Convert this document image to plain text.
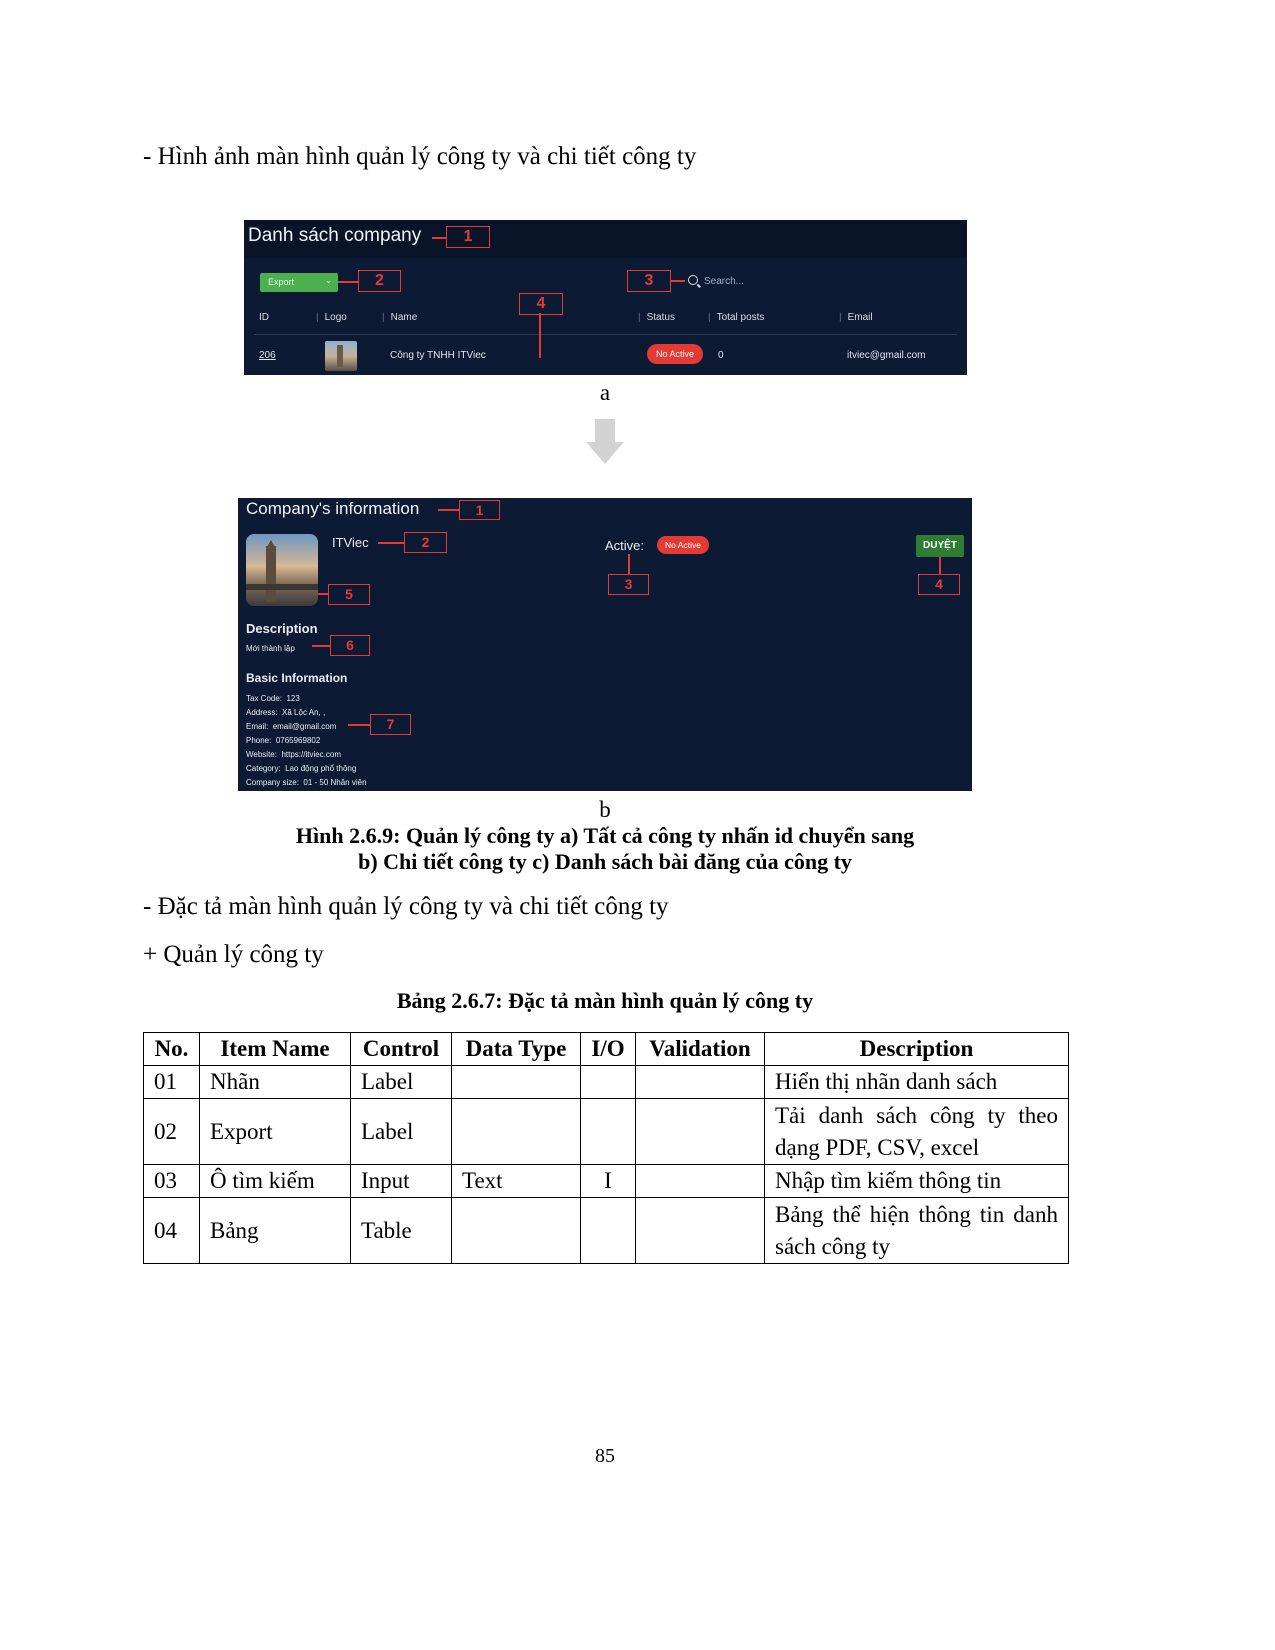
- Hình ảnh màn hình quản lý công ty và chi tiết công ty
Danh sách company
Export	⌄	Search...
ID	| Logo	| Name	| Status	| Total posts	| Email
206	Công ty TNHH ITViec	No Active	0	itviec@gmail.com
1
2	3
4
a
Company's information
ITViec	Active:	No Active	DUYỆT
Description
Mới thành lập
Basic Information
Tax Code: 123
Address: Xã Lộc An, ,
Email: email@gmail.com
Phone: 0765969802
Website: https://itviec.com
Category: Lao động phổ thông
Company size: 01 - 50 Nhân viên
1
2
3	4
5
6
7
b
Hình 2.6.9: Quản lý công ty a) Tất cả công ty nhấn id chuyển sang
b) Chi tiết công ty c) Danh sách bài đăng của công ty
- Đặc tả màn hình quản lý công ty và chi tiết công ty
+ Quản lý công ty
Bảng 2.6.7: Đặc tả màn hình quản lý công ty
No.	Item Name	Control	Data Type	I/O	Validation	Description
01	Nhãn	Label				Hiển thị nhãn danh sách
02	Export	Label				Tải danh sách công ty theo dạng PDF, CSV, excel
03	Ô tìm kiếm	Input	Text	I		Nhập tìm kiếm thông tin
04	Bảng	Table				Bảng thể hiện thông tin danh sách công ty
85
